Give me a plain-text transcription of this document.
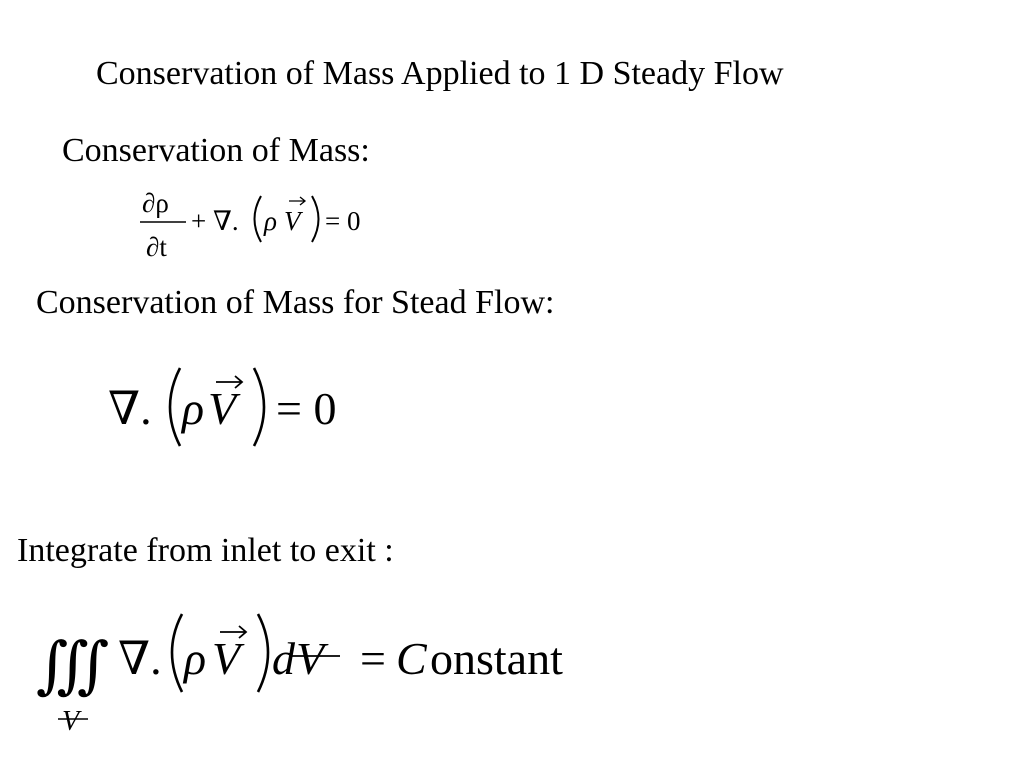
Conservation of Mass Applied to 1 D Steady Flow
Conservation of Mass:
∂ρ
∂t
+ ∇. ρ V = 0
Conservation of Mass for Stead Flow:
∇. ρ V = 0
Integrate from inlet to exit :
∭
V
∇. ρ V d V = C onstant
